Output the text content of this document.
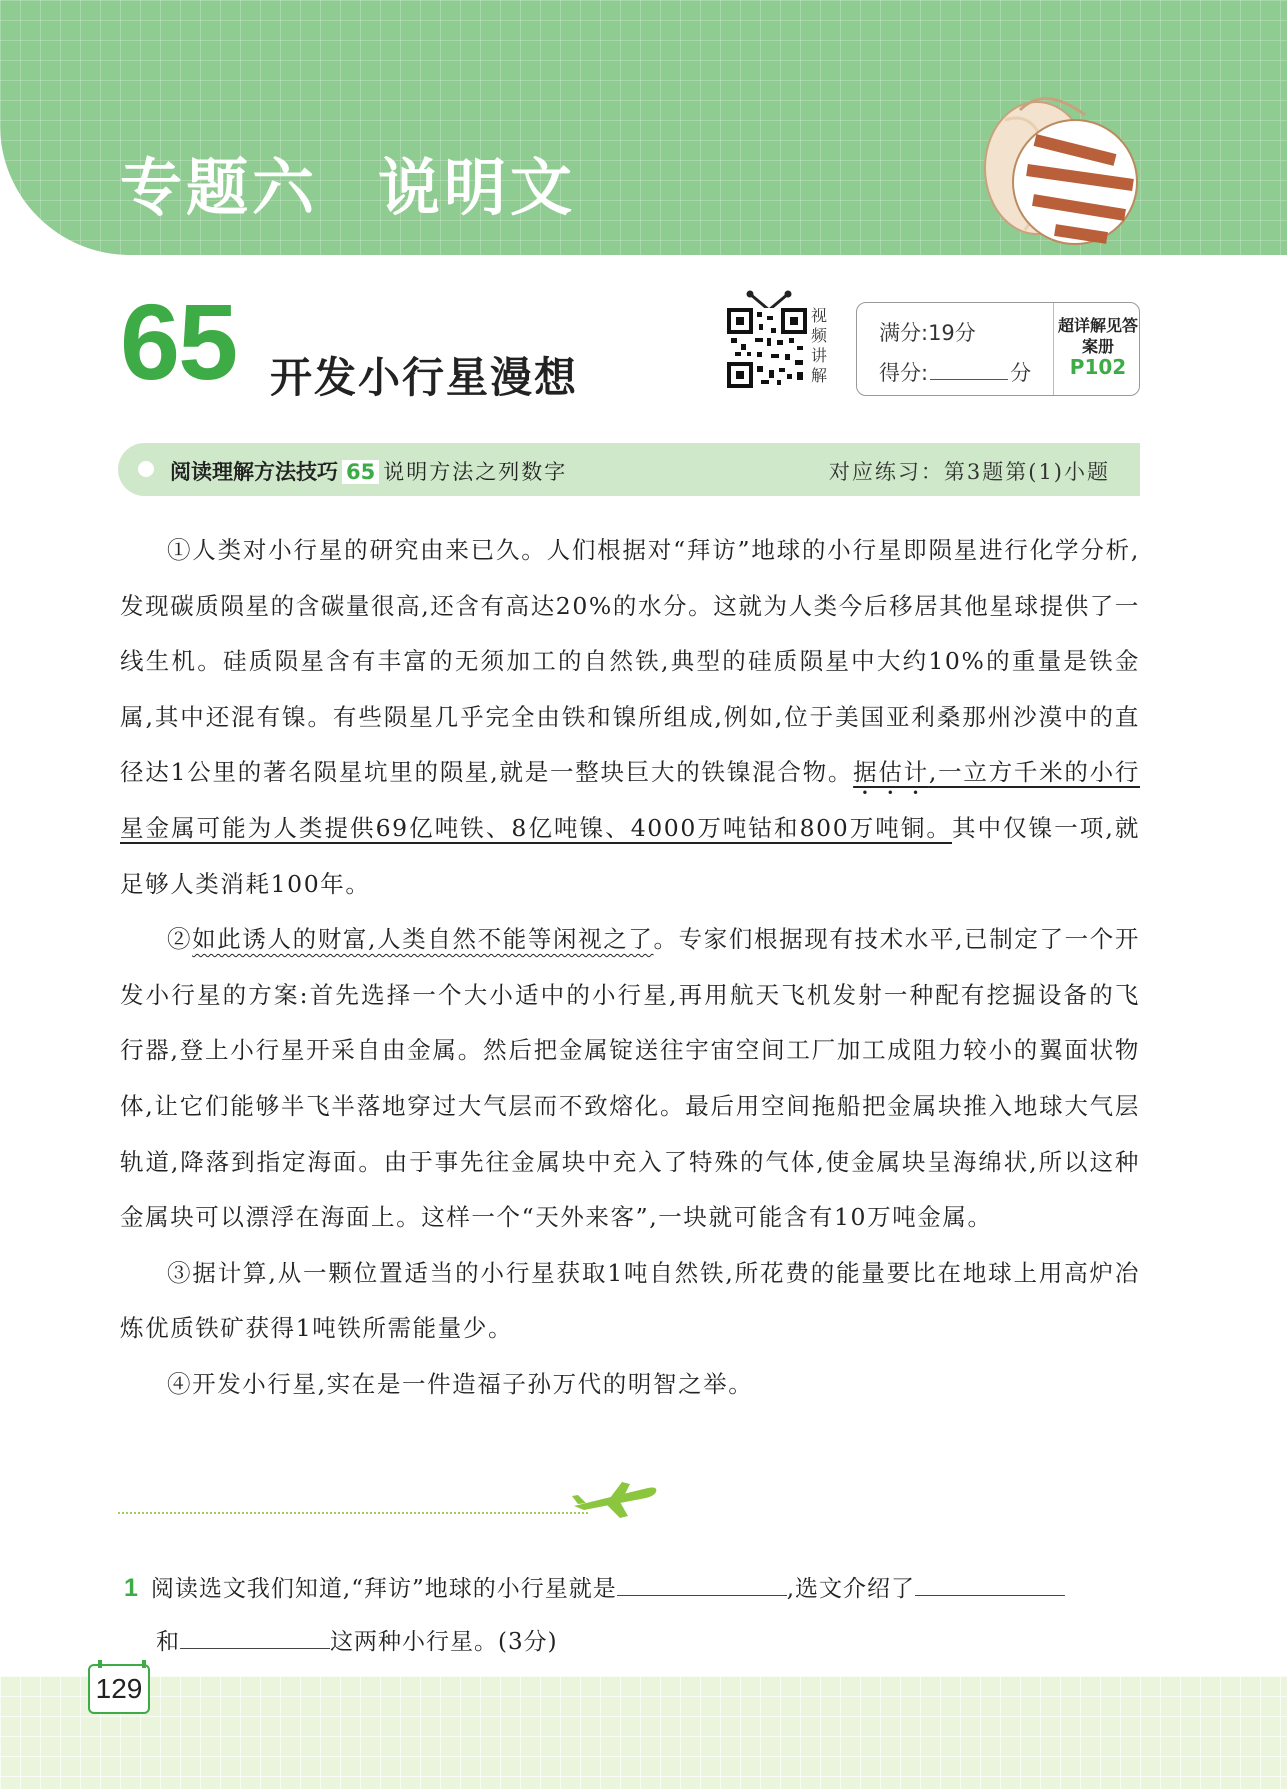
专题六 说明文
65 开发小行星漫想
视频讲解
满分:19分
得分:	分
超详解见答案册
P102
阅读理解方法技巧 65 说明方法之列数字	对应练习：第3题第(1)小题

①人类对小行星的研究由来已久。人们根据对“拜访”地球的小行星即陨星进行化学分析,发现碳质陨星的含碳量很高,还含有高达20%的水分。这就为人类今后移居其他星球提供了一线生机。硅质陨星含有丰富的无须加工的自然铁,典型的硅质陨星中大约10%的重量是铁金属,其中还混有镍。有些陨星几乎完全由铁和镍所组成,例如,位于美国亚利桑那州沙漠中的直径达1公里的著名陨星坑里的陨星,就是一整块巨大的铁镍混合物。据估计,一立方千米的小行星金属可能为人类提供69亿吨铁、8亿吨镍、4000万吨钴和800万吨铜。其中仅镍一项,就足够人类消耗100年。

②如此诱人的财富,人类自然不能等闲视之了。专家们根据现有技术水平,已制定了一个开发小行星的方案:首先选择一个大小适中的小行星,再用航天飞机发射一种配有挖掘设备的飞行器,登上小行星开采自由金属。然后把金属锭送往宇宙空间工厂加工成阻力较小的翼面状物体,让它们能够半飞半落地穿过大气层而不致熔化。最后用空间拖船把金属块推入地球大气层轨道,降落到指定海面。由于事先往金属块中充入了特殊的气体,使金属块呈海绵状,所以这种金属块可以漂浮在海面上。这样一个“天外来客”,一块就可能含有10万吨金属。

③据计算,从一颗位置适当的小行星获取1吨自然铁,所花费的能量要比在地球上用高炉冶炼优质铁矿获得1吨铁所需能量少。

④开发小行星,实在是一件造福子孙万代的明智之举。

1 阅读选文我们知道,“拜访”地球的小行星就是	,选文介绍了
和	这两种小行星。(3分)
129
